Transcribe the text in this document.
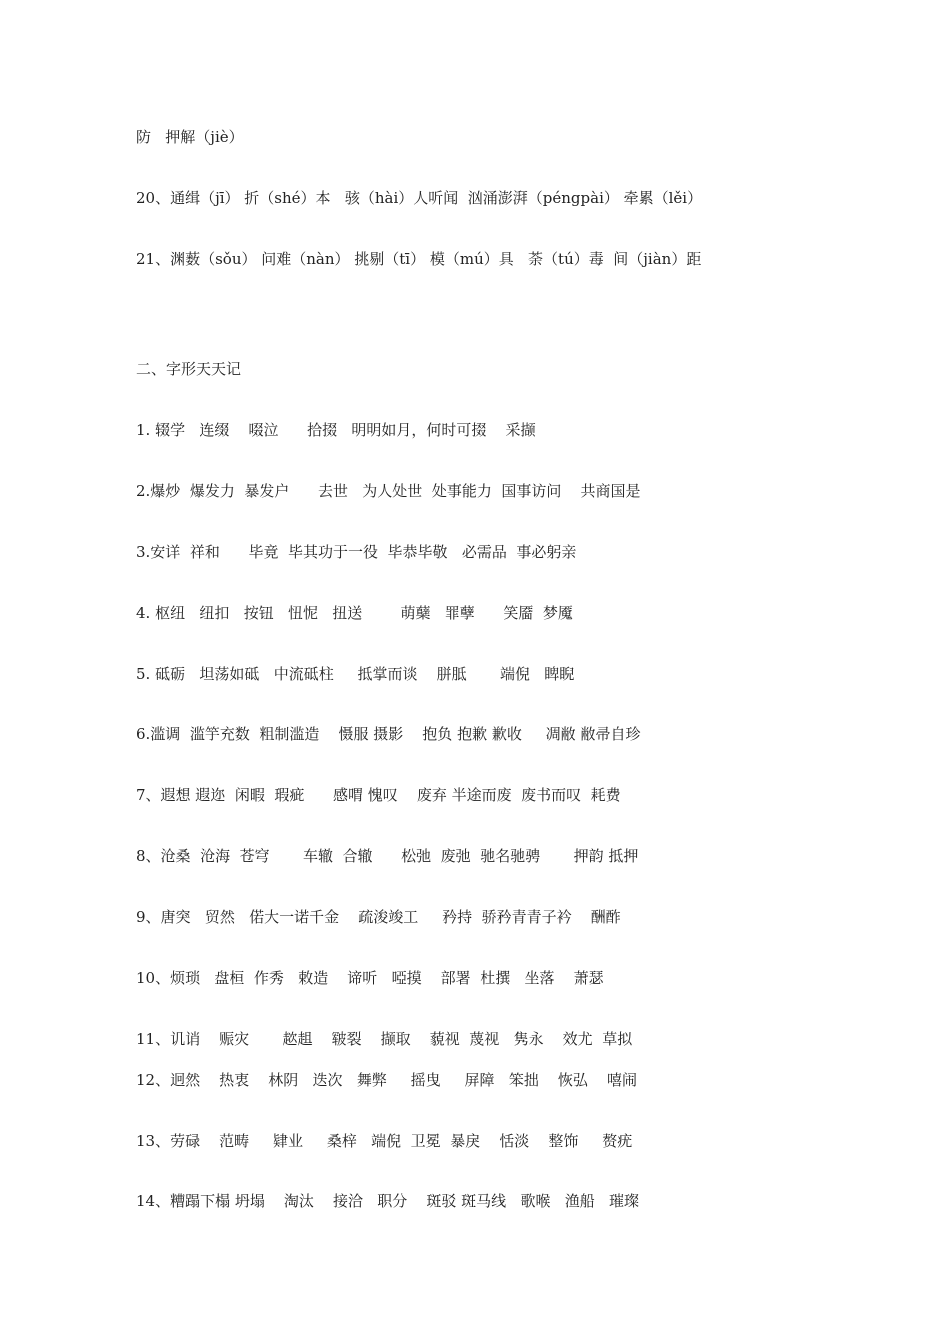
防   押解（jiè）
20、通缉（jī） 折（shé）本   骇（hài）人听闻  汹涌澎湃（péngpài） 牵累（lěi）
21、渊薮（sǒu） 问难（nàn） 挑剔（tī） 模（mú）具   荼（tú）毒  间（jiàn）距
二、字形天天记
1. 辍学   连缀    啜泣      拾掇   明明如月，何时可掇    采撷
2.爆炒  爆发力  暴发户      去世   为人处世  处事能力  国事访问    共商国是
3.安详  祥和      毕竟  毕其功于一役  毕恭毕敬   必需品  事必躬亲
4. 枢纽   纽扣   按钮   忸怩   扭送        萌蘖   罪孽      笑靥  梦魇
5. 砥砺   坦荡如砥   中流砥柱     抵掌而谈    胼胝       端倪   睥睨
6.滥调  滥竽充数  粗制滥造    慑服 摄影    抱负 抱歉 歉收     凋敝 敝帚自珍
7、遐想 遐迩  闲暇  瑕疵      感喟 愧叹    废弃 半途而废  废书而叹  耗费
8、沧桑  沧海  苍穹       车辙  合辙      松弛  废弛  驰名驰骋       押韵 抵押
9、唐突   贸然   偌大一诺千金    疏浚竣工     矜持  骄矜青青子衿    酬酢
10、烦琐   盘桓  作秀   敕造    谛听   啞摸    部署  杜撰   坐落    萧瑟
11、讥诮    赈灾       趑趄    皲裂    撷取    藐视  蔑视   隽永    效尤  草拟
12、迥然    热衷    林阴   迭次   舞弊     摇曳     屏障   笨拙    恢弘    嘻闹
13、劳碌    范畴     肄业     桑梓   端倪  卫冕  暴戾    恬淡    整饰     赘疣
14、糟蹋下榻 坍塌    淘汰    接洽   职分    斑驳 斑马线   歌喉   渔船   璀璨
